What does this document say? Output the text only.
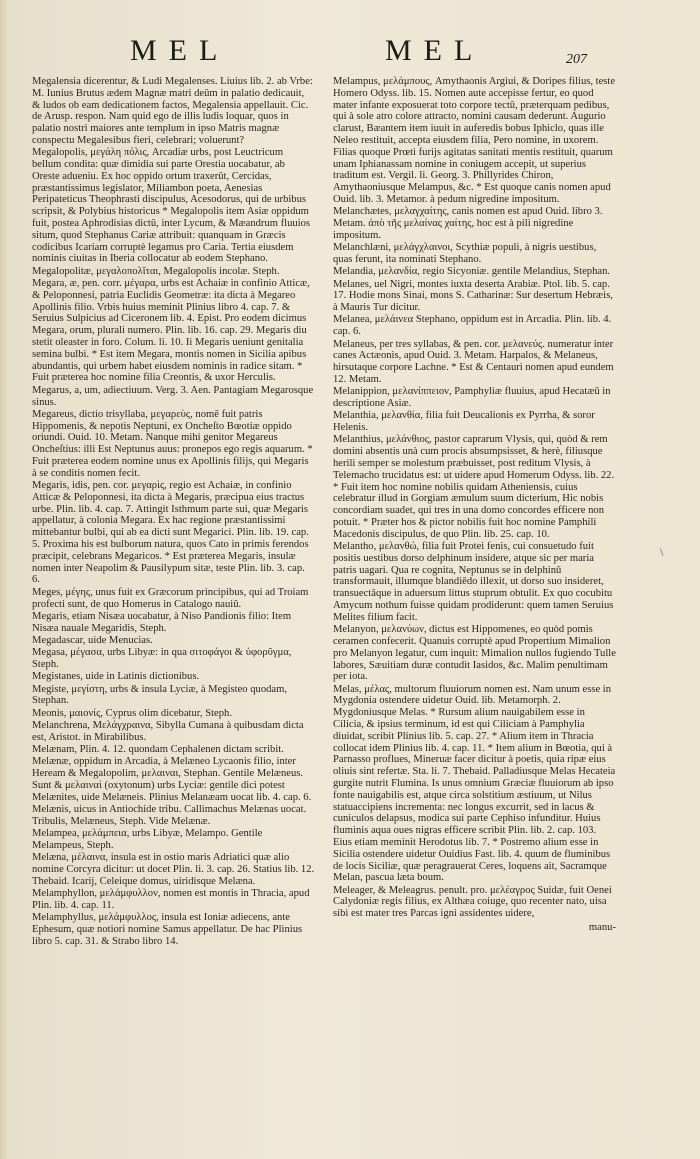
MEL	MEL	207
Megalensia dicerentur, & Ludi Megalenses. Liuius lib. 2. ab Vrbe: M. Iunius Brutus ædem Magnæ matri deûm in palatio dedicauit, & ludos ob eam dedicationem factos, Megalensia appellauit. Cic. de Arusp. respon. Nam quid ego de illis ludis loquar, quos in palatio nostri maiores ante templum in ipso Matris magnæ conspectu Megalesibus fieri, celebrari; voluerunt?
Megalopolis, μεγάλη πόλις, Arcadiæ urbs, post Leuctricum bellum condita: quæ dimidia sui parte Orestia uocabatur, ab Oreste adueniu. Ex hoc oppido ortum traxerût, Cercidas, præstantissimus legislator, Miliambon poeta, Aenesias Peripateticus Theophrasti discipulus, Acesodorus, qui de urbibus scripsit, & Polybius historicus * Megalopolis item Asiæ oppidum fuit, postea Aphrodisias dictû, inter Lycum, & Mæandrum fluuios situm, quod Stephanus Cariæ attribuit: quanquam in Græcis codicibus Icariam corruptè legamus pro Caria. Tertia eiusdem nominis ciuitas in Iberia collocatur ab eodem Stephano.
Megalopolitæ, μεγαλοπολῖται, Megalopolis incolæ. Steph.
Megara, æ, pen. corr. μέγαρα, urbs est Achaiæ in confinio Atticæ, & Peloponnesi, patria Euclidis Geometræ: ita dicta à Megareo Apollinis filio. Vrbis huius meminit Plinius libro 4. cap. 7. & Seruius Sulpicius ad Ciceronem lib. 4. Epist. Pro eodem dicimus Megara, orum, plurali numero. Plin. lib. 16. cap. 29. Megaris diu stetit oleaster in foro. Colum. li. 10. Ii Megaris ueniunt genitalia semina bulbi. * Est item Megara, montis nomen in Sicilia apibus abundantis, qui urbem habet eiusdem nominis in radice sitam. * Fuit præterea hoc nomine filia Creontis, & uxor Herculis.
Megarus, a, um, adiectiuum. Verg. 3. Aen. Pantagiam Megarosque sinus.
Megareus, dictio trisyllaba, μεγαρεὺς, nomē fuit patris Hippomenis, & nepotis Neptuni, ex Oncheſto Bœotiæ oppido oriundi. Ouid. 10. Metam. Nanque mihi genitor Megareus Oncheſtius: illi Est Neptunus auus: pronepos ego regis aquarum. * Fuit præterea eodem nomine unus ex Apollinis filijs, qui Megaris à se conditis nomen fecit.
Megaris, idis, pen. cor. μεγαρὶς, regio est Achaiæ, in confinio Atticæ & Peloponnesi, ita dicta à Megaris, præcipua eius tractus urbe. Plin. lib. 4. cap. 7. Attingit Isthmum parte sui, quæ Megaris appellatur, à colonia Megara. Ex hac regione præstantissimi mittebantur bulbi, qui ab ea dicti sunt Megarici. Plin. lib. 19. cap. 5. Proxima his est bulborum natura, quos Cato in primis ferendos præcipit, celebrans Megaricos. * Est præterea Megaris, insulæ nomen inter Neapolim & Pausilypum sitæ, teste Plin. lib. 3. cap. 6.
Meges, μέγης, unus fuit ex Græcorum principibus, qui ad Troiam profecti sunt, de quo Homerus in Catalogo nauiû.
Megaris, etiam Nisæa uocabatur, à Niso Pandionis filio: Item Nisæa nauale Megaridis, Steph.
Megadascar, uide Menucias.
Megasa, μέγασα, urbs Libyæ: in qua σιτοφάγοι & ὑφορῦγμα, Steph.
Megistanes, uide in Latinis dictionibus.
Megiste, μεγίστη, urbs & insula Lyciæ, à Megisteo quodam, Stephan.
Meonis, μαιονίς, Cyprus olim dicebatur, Steph.
Melanchrena, Μελάγχραινα, Sibylla Cumana à quibusdam dicta est, Aristot. in Mirabilibus.
Melænam, Plin. 4. 12. quondam Cephalenen dictam scribit.
Melænæ, oppidum in Arcadia, à Melæneo Lycaonis filio, inter Heream & Megalopolim, μελαιναι, Stephan. Gentile Melæneus. Sunt & μελαιναὶ (oxytonum) urbs Lyciæ: gentile dici potest Melænites, uide Melæneis. Plinius Melanæam uocat lib. 4. cap. 6.
Melænis, uicus in Antiochide tribu. Callimachus Melænas uocat. Tribulis, Melæneus, Steph. Vide Melænæ.
Melampea, μελάμπεια, urbs Libyæ, Melampo. Gentile Melampeus, Steph.
Melæna, μέλαινα, insula est in ostio maris Adriatici quæ alio nomine Corcyra dicitur: ut docet Plin. li. 3. cap. 26. Statius lib. 12. Thebaid. Icarij, Celeique domus, uiridisque Melæna.
Melamphyllon, μελάμφυλλον, nomen est montis in Thracia, apud Plin. lib. 4. cap. 11.
Melamphyllus, μελάμφυλλος, insula est Ioniæ adiecens, ante Ephesum, quæ notiori nomine Samus appellatur. De hac Plinius libro 5. cap. 31. & Strabo libro 14.
Melampus, μελάμπους, Amythaonis Argiui, & Doripes filius, teste Homero Odyss. lib. 15. Nomen aute accepisse fertur, eo quod mater infante exposuerat toto corpore tectû, præterquam pedibus, qui à sole atro colore attracto, nomini causam dederunt. Augurio clarust, Bæantem item iuuit in auferedis bobus Iphiclo, quas ille Neleo restituit, accepta eiusdem filia, Pero nomine, in uxorem. Filias quoque Prœti furijs agitatas sanitati mentis restituit, quarum unam Iphianassam nomine in coniugem accepit, ut superius traditum est. Vergil. li. Georg. 3. Phillyrides Chiron, Amythaoniusque Melampus, &c. * Est quoque canis nomen apud Ouid. lib. 3. Metamor. à pedum nigredine impositum.
Melanchætes, μελαγχαίτης, canis nomen est apud Ouid. libro 3. Metam. ἀπὸ τῆς μελαίνας χαίτης, hoc est à pili nigredine impositum.
Melanchlæni, μελάγχλαινοι, Scythiæ populi, à nigris uestibus, quas ferunt, ita nominati Stephano.
Melandia, μελανδία, regio Sicyoniæ. gentile Melandius, Stephan.
Melanes, uel Nigri, montes iuxta deserta Arabiæ. Ptol. lib. 5. cap. 17. Hodie mons Sinai, mons S. Catharinæ: Sur desertum Hebræis, à Mauris Tur dicitur.
Melanea, μελάινεα Stephano, oppidum est in Arcadia. Plin. lib. 4. cap. 6.
Melaneus, per tres syllabas, & pen. cor. μελανεύς. numeratur inter canes Actæonis, apud Ouid. 3. Metam. Harpalos, & Melaneus, hirsutaque corpore Lachne. * Est & Centauri nomen apud eundem 12. Metam.
Melanippion, μελανίππειον, Pamphyliæ fluuius, apud Hecatæū in descriptione Asiæ.
Melanthia, μελανθία, filia fuit Deucalionis ex Pyrrha, & soror Helenis.
Melanthius, μελάνθιος, pastor caprarum Vlysis, qui, quòd & rem domini absentis unà cum procis absumpsisset, & herè, filiusque herili semper se molestum præbuisset, post reditum Vlysis, à Telemacho trucidatus est: ut uidere apud Homerum Odyss. lib. 22. * Fuit item hoc nomine nobilis quidam Atheniensis, cuius celebratur illud in Gorgiam æmulum suum dicterium, Hic nobis concordiam suadet, qui tres in una domo concordes efficere non potuit. * Præter hos & pictor nobilis fuit hoc nomine Pamphili Macedonis discipulus, de quo Plin. lib. 25. cap. 10.
Melantho, μελανθώ, filia fuit Protei fenis, cui consuetudo fuit positis uestibus dorso delphinum insidere, atque sic per maria patris uagari. Qua re cognita, Neptunus se in delphinū transformauit, illumque blandiēdo illexit, ut dorso suo insideret, transuectāque in aduersum littus stuprum obtulit. Ex quo cocubitu Amycum nothum fuisse quidam prodiderunt: quem tamen Seruius Melites filium facit.
Melanyon, μελανύων, dictus est Hippomenes, eo quòd pomis ceramen confecerit. Quanuis corruptè apud Propertium Mimalion pro Melanyon legatur, cum inquit: Mimalion nullos fugiendo Tulle labores, Sæuitiam duræ contudit Iasidos, &c. Malim penultimam per iota.
Melas, μέλας, multorum fluuiorum nomen est. Nam unum esse in Mygdonia ostendere uidetur Ouid. lib. Metamorph. 2. Mygdoniusque Melas. * Rursum alium nauigabilem esse in Cilicia, & ipsius terminum, id est qui Ciliciam à Pamphylia diuidat, scribit Plinius lib. 5. cap. 27. * Alium item in Thracia collocat idem Plinius lib. 4. cap. 11. * Item alium in Bœotia, qui à Parnasso proflues, Mineruæ facer dicitur à poetis, quia ripæ eius oliuis sint refertæ. Sta. li. 7. Thebaid. Palladiusque Melas Hecateia gurgite nutrit Flumina. Is unus omnium Græciæ fluuiorum ab ipso fonte nauigabilis est, atque circa solstitium æstiuum, ut Nilus statuaccipiens incrementa: nec longus excurrit, sed in lacus & cuniculos delapsus, modica sui parte Cephiso infunditur. Huius fluminis aqua oues nigras efficere scribit Plin. lib. 2. cap. 103. Eius etiam meminit Herodotus lib. 7. * Postremo alium esse in Sicilia ostendere uidetur Ouidius Fast. lib. 4. quum de fluminibus de locis Siciliæ, quæ peragrauerat Ceres, loquens ait, Sacramque Melan, pascua læta boum.
Meleager, & Meleagrus. penult. pro. μελέαγρος Suidæ, fuit Oenei Calydoniæ regis filius, ex Althæa coiuge, quo recenter nato, uisa sibi est mater tres Parcas igni assidentes uidere,
manu-
\
